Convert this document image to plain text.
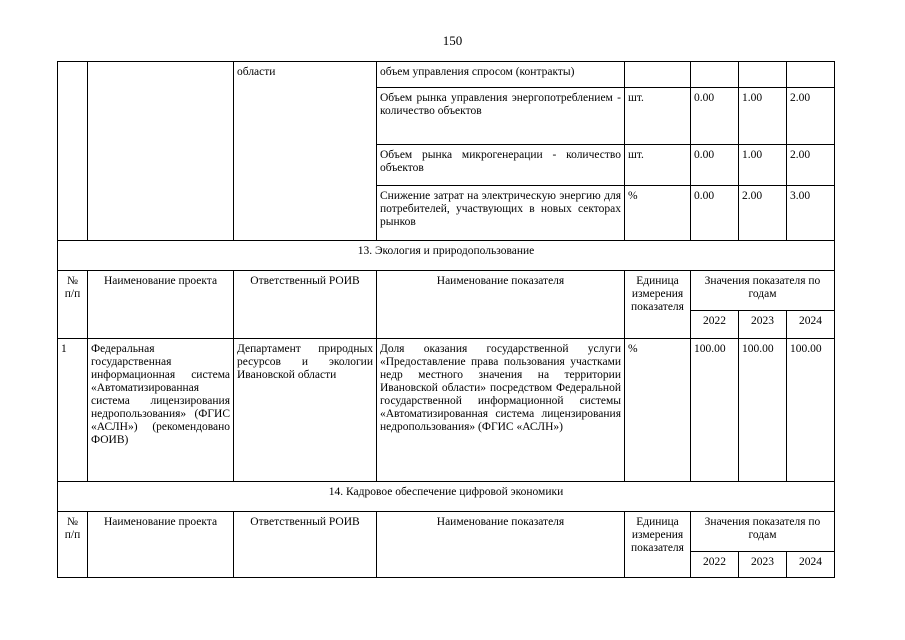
150
		области	объем управления спросом (контракты)				
			Объем рынка управления энергопотреблением - количество объектов	шт.	0.00	1.00	2.00
			Объем рынка микрогенерации - количество объектов	шт.	0.00	1.00	2.00
			Снижение затрат на электрическую энергию для потребителей, участвующих в новых секторах рынков	%	0.00	2.00	3.00
13. Экология и природопользование							
№ п/п	Наименование проекта	Ответственный РОИВ	Наименование показателя	Единица измерения показателя	Значения показателя по годам		
					2022	2023	2024
1	Федеральная государственная информационная система «Автоматизированная система лицензирования недропользования» (ФГИС «АСЛН») (рекомендовано ФОИВ)	Департамент природных ресурсов и экологии Ивановской области	Доля оказания государственной услуги «Предоставление права пользования участками недр местного значения на территории Ивановской области» посредством Федеральной государственной информационной системы «Автоматизированная система лицензирования недропользования» (ФГИС «АСЛН»)	%	100.00	100.00	100.00
14. Кадровое обеспечение цифровой экономики							
№ п/п	Наименование проекта	Ответственный РОИВ	Наименование показателя	Единица измерения показателя	Значения показателя по годам		
					2022	2023	2024
